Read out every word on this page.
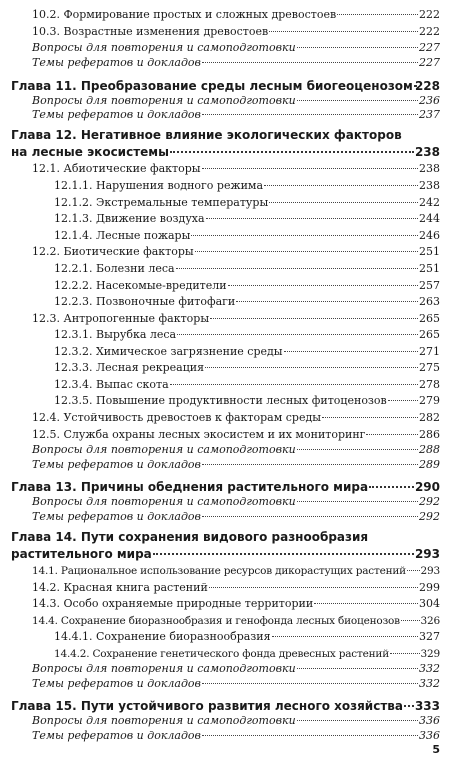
10.2. Формирование простых и сложных древостоев	222
10.3. Возрастные изменения древостоев	222
Вопросы для повторения и самоподготовки	227
Темы рефератов и докладов	227
Глава 11. Преобразование среды лесным биогеоценозом 228
Вопросы для повторения и самоподготовки	236
Темы рефератов и докладов	237
Глава 12. Негативное влияние экологических факторов
на лесные экосистемы	238
12.1. Абиотические факторы	238
12.1.1. Нарушения водного режима	238
12.1.2. Экстремальные температуры	242
12.1.3. Движение воздуха	244
12.1.4. Лесные пожары	246
12.2. Биотические факторы	251
12.2.1. Болезни леса	251
12.2.2. Насекомые-вредители	257
12.2.3. Позвоночные фитофаги	263
12.3. Антропогенные факторы	265
12.3.1. Вырубка леса	265
12.3.2. Химическое загрязнение среды	271
12.3.3. Лесная рекреация	275
12.3.4. Выпас скота	278
12.3.5. Повышение продуктивности лесных фитоценозов	279
12.4. Устойчивость древостоев к факторам среды	282
12.5. Служба охраны лесных экосистем и их мониторинг	286
Вопросы для повторения и самоподготовки	288
Темы рефератов и докладов	289
Глава 13. Причины обеднения растительного мира	290
Вопросы для повторения и самоподготовки	292
Темы рефератов и докладов	292
Глава 14. Пути сохранения видового разнообразия
растительного мира	293
14.1. Рациональное использование ресурсов дикорастущих растений 293
14.2. Красная книга растений	299
14.3. Особо охраняемые природные территории	304
14.4. Сохранение биоразнообразия и генофонда лесных биоценозов 326
14.4.1. Сохранение биоразнообразия	327
14.4.2. Сохранение генетического фонда древесных растений	329
Вопросы для повторения и самоподготовки	332
Темы рефератов и докладов	332
Глава 15. Пути устойчивого развития лесного хозяйства 333
Вопросы для повторения и самоподготовки	336
Темы рефератов и докладов	336
5
